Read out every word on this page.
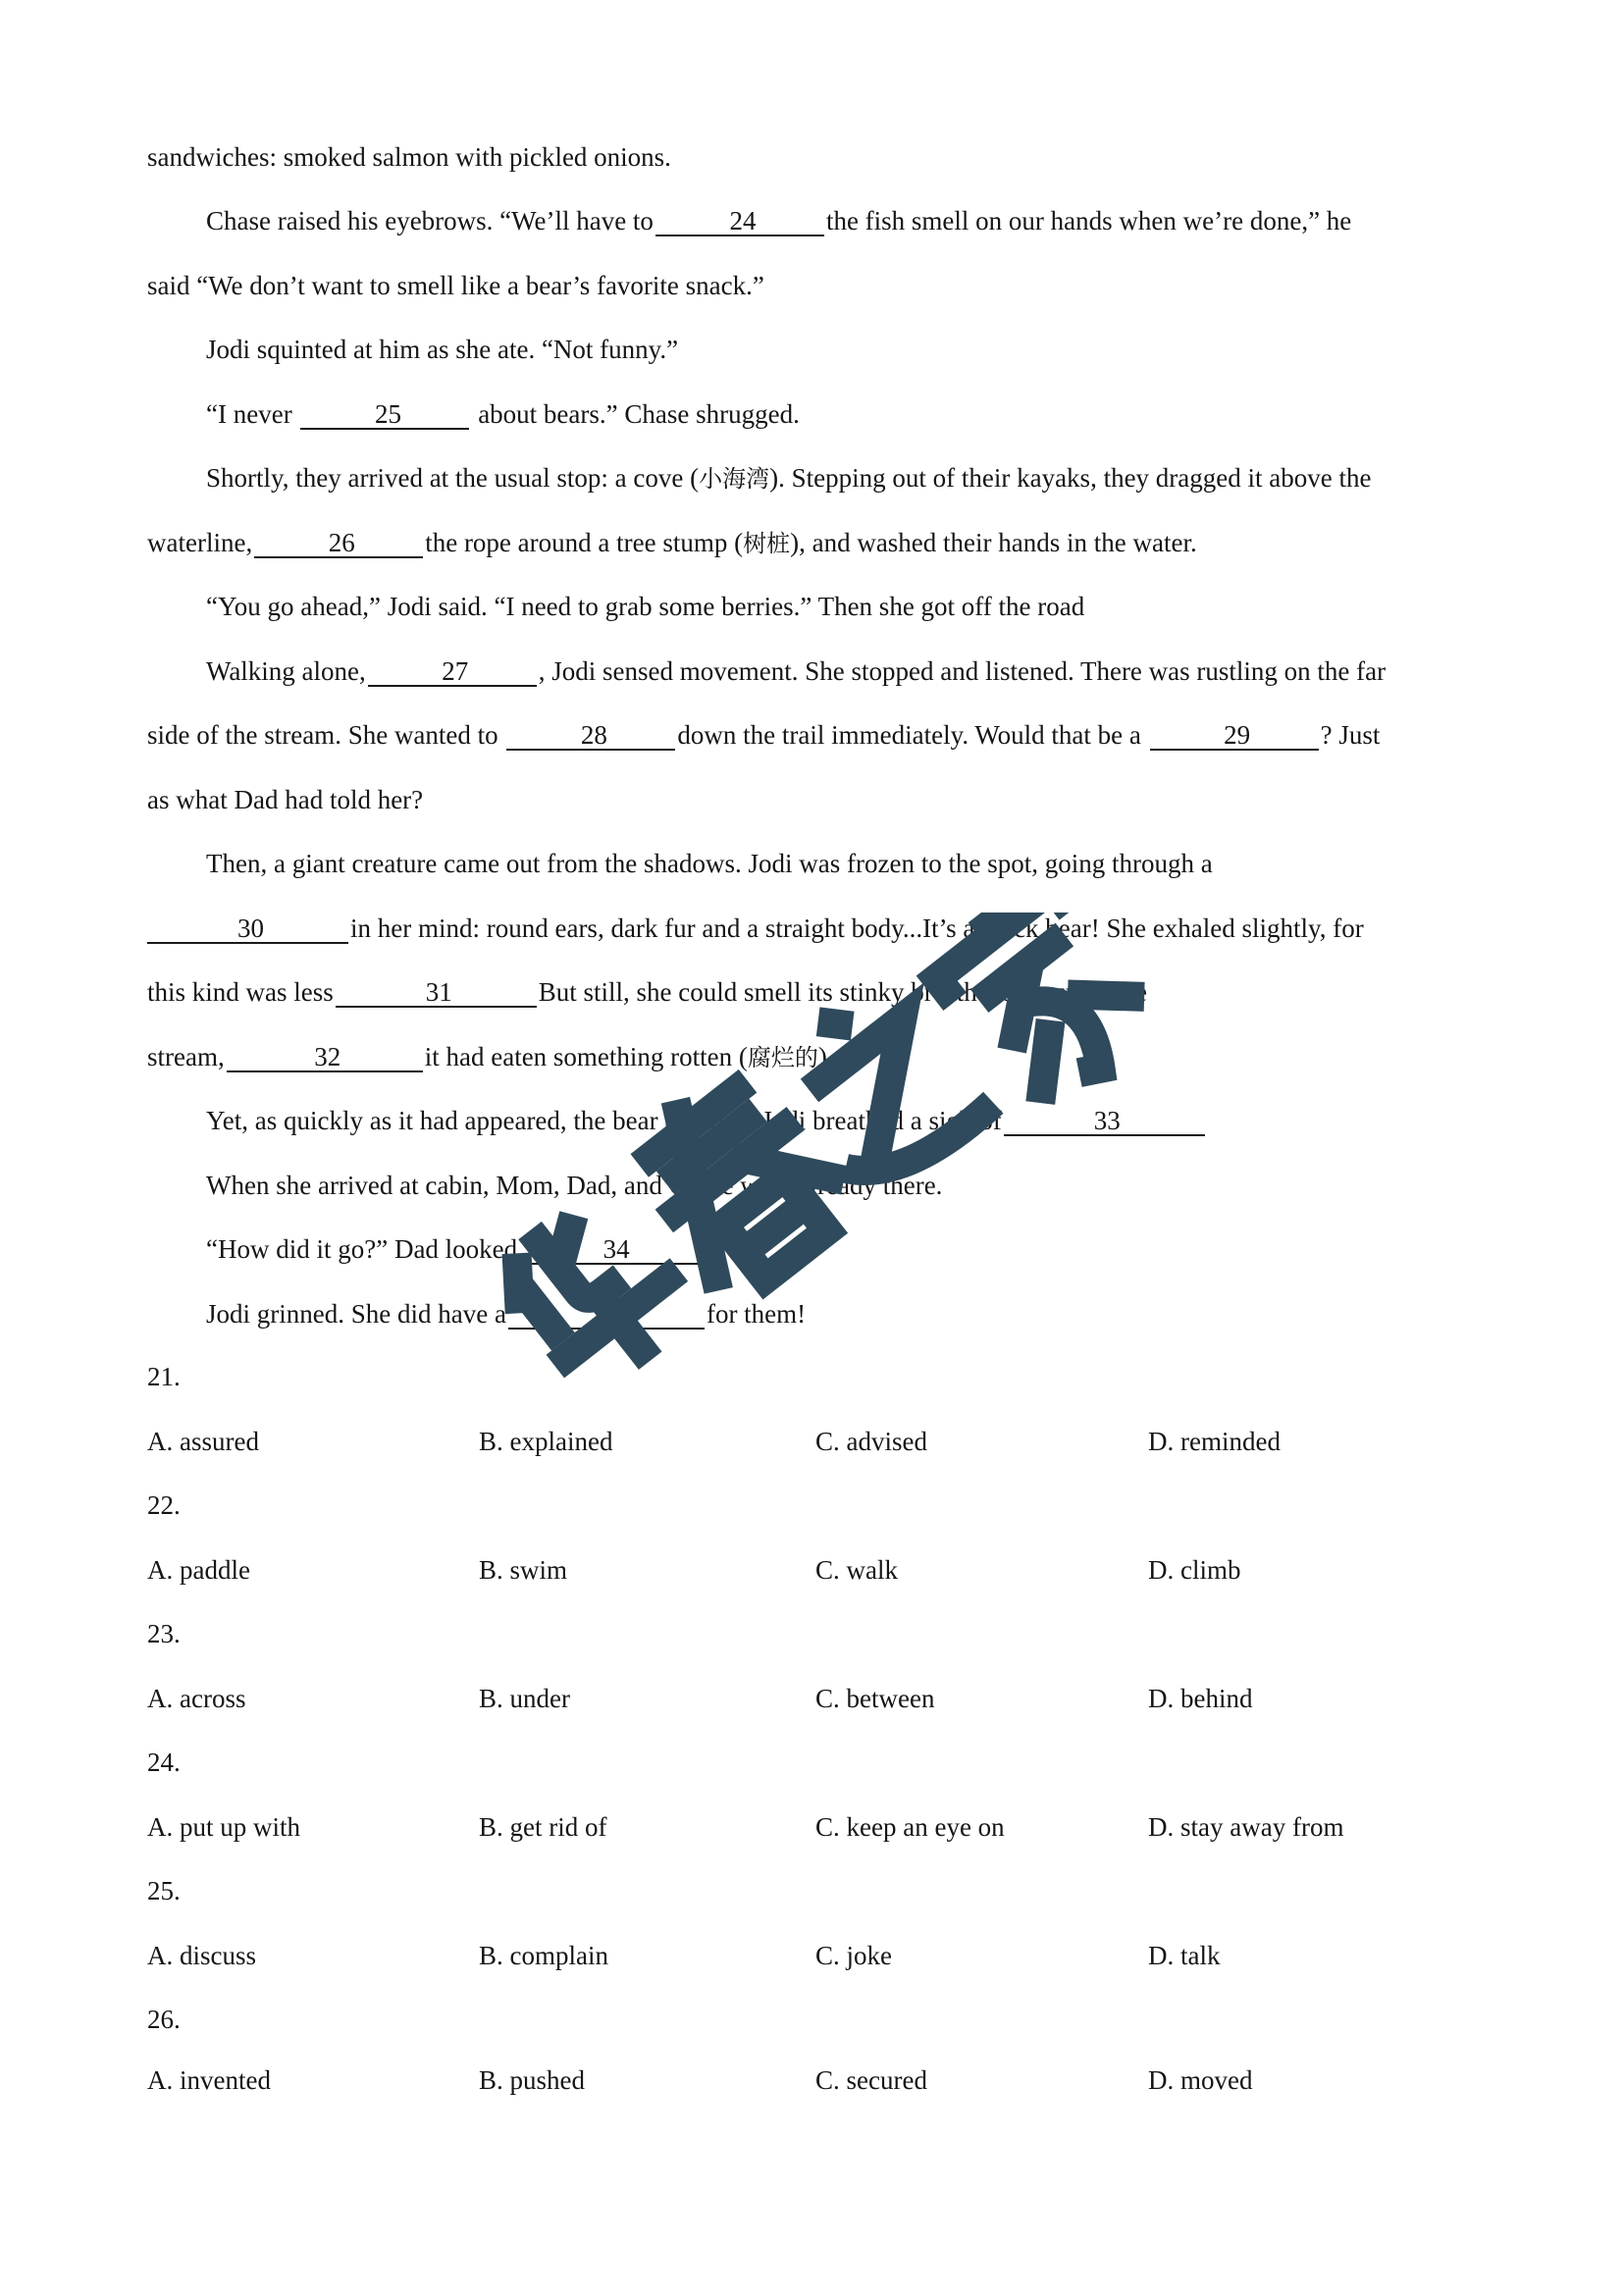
sandwiches: smoked salmon with pickled onions.
Chase raised his eyebrows. “We’ll have to	24	the fish smell on our hands when we’re done,” he
said “We don’t want to smell like a bear’s favorite snack.”
Jodi squinted at him as she ate. “Not funny.”
“I never	25	about bears.” Chase shrugged.
Shortly, they arrived at the usual stop: a cove (小海湾). Stepping out of their kayaks, they dragged it above the
waterline,	26	the rope around a tree stump (树桩), and washed their hands in the water.
“You go ahead,” Jodi said. “I need to grab some berries.” Then she got off the road
Walking alone,	27	, Jodi sensed movement. She stopped and listened. There was rustling on the far
side of the stream. She wanted to	28	down the trail immediately. Would that be a	29	? Just
as what Dad had told her?
Then, a giant creature came out from the shadows. Jodi was frozen to the spot, going through a
30	in her mind: round ears, dark fur and a straight body...It’s a black bear! She exhaled slightly, for
this kind was less	31	But still, she could smell its stinky breath from across the
stream,	32	it had eaten something rotten (腐烂的).
Yet, as quickly as it had appeared, the bear escaped. Jodi breathed a sigh of	33
When she arrived at cabin, Mom, Dad, and Chase were already there.
“How did it go?” Dad looked	34
Jodi grinned. She did have a	35	for them!
21.
A. assured	B. explained	C. advised	D. reminded
22.
A. paddle	B. swim	C. walk	D. climb
23.
A. across	B. under	C. between	D. behind
24.
A. put up with	B. get rid of	C. keep an eye on	D. stay away from
25.
A. discuss	B. complain	C. joke	D. talk
26.
A. invented	B. pushed	C. secured	D. moved
